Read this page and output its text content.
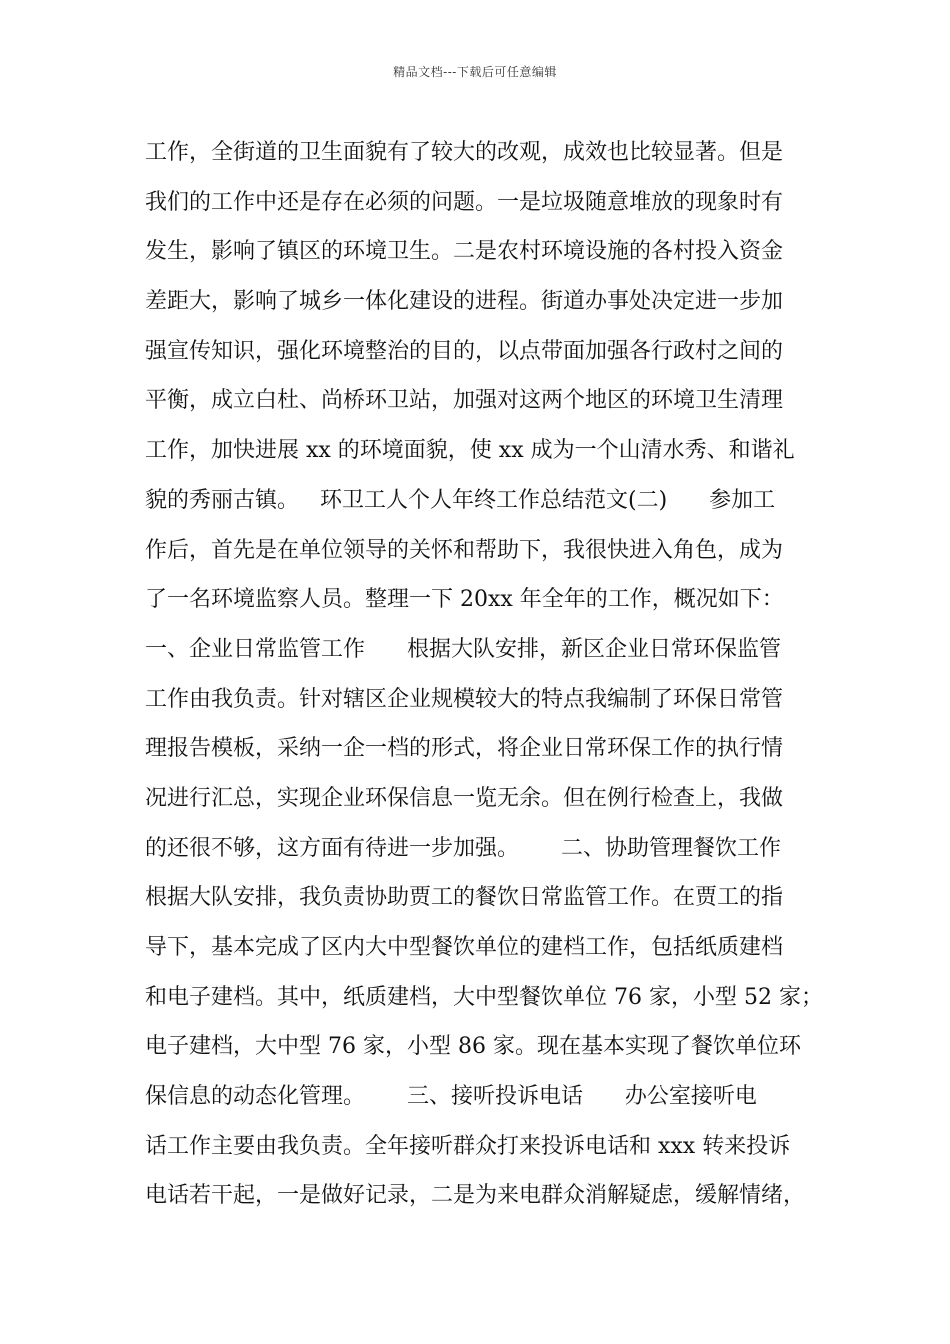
精品文档---下载后可任意编辑
工作，全街道的卫生面貌有了较大的改观，成效也比较显著。但是
我们的工作中还是存在必须的问题。一是垃圾随意堆放的现象时有
发生，影响了镇区的环境卫生。二是农村环境设施的各村投入资金
差距大，影响了城乡一体化建设的进程。街道办事处决定进一步加
强宣传知识，强化环境整治的目的，以点带面加强各行政村之间的
平衡，成立白杜、尚桥环卫站，加强对这两个地区的环境卫生清理
工作，加快进展 xx 的环境面貌，使 xx 成为一个山清水秀、和谐礼
貌的秀丽古镇。   环卫工人个人年终工作总结范文(二)      参加工
作后，首先是在单位领导的关怀和帮助下，我很快进入角色，成为
了一名环境监察人员。整理一下 20xx 年全年的工作，概况如下：
一、企业日常监管工作      根据大队安排，新区企业日常环保监管
工作由我负责。针对辖区企业规模较大的特点我编制了环保日常管
理报告模板，采纳一企一档的形式，将企业日常环保工作的执行情
况进行汇总，实现企业环保信息一览无余。但在例行检查上，我做
的还很不够，这方面有待进一步加强。      二、协助管理餐饮工作
根据大队安排，我负责协助贾工的餐饮日常监管工作。在贾工的指
导下，基本完成了区内大中型餐饮单位的建档工作，包括纸质建档
和电子建档。其中，纸质建档，大中型餐饮单位 76 家，小型 52 家；
电子建档，大中型 76 家，小型 86 家。现在基本实现了餐饮单位环
保信息的动态化管理。      三、接听投诉电话      办公室接听电
话工作主要由我负责。全年接听群众打来投诉电话和 xxx 转来投诉
电话若干起，一是做好记录，二是为来电群众消解疑虑，缓解情绪，
